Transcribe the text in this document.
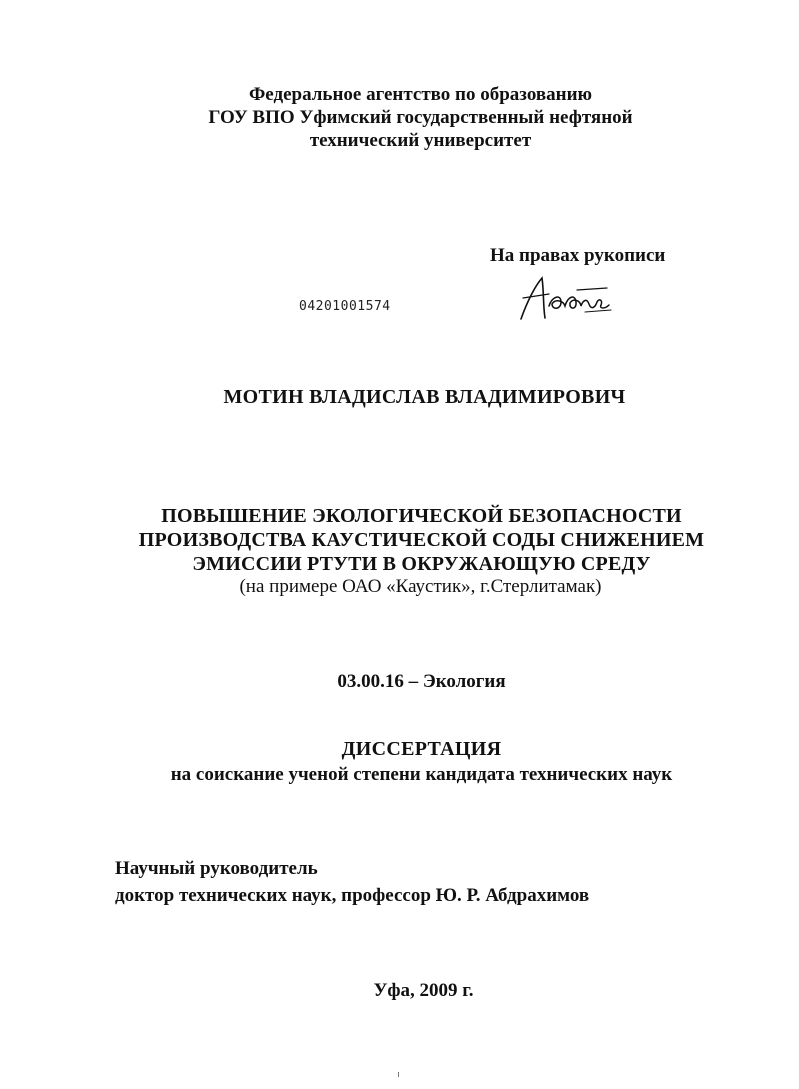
Федеральное агентство по образованию
ГОУ ВПО Уфимский государственный нефтяной
технический университет
На правах рукописи
04201001574
МОТИН ВЛАДИСЛАВ ВЛАДИМИРОВИЧ
ПОВЫШЕНИЕ ЭКОЛОГИЧЕСКОЙ БЕЗОПАСНОСТИ
ПРОИЗВОДСТВА КАУСТИЧЕСКОЙ СОДЫ СНИЖЕНИЕМ
ЭМИССИИ РТУТИ В ОКРУЖАЮЩУЮ СРЕДУ
(на примере ОАО «Каустик», г.Стерлитамак)
03.00.16 – Экология
ДИССЕРТАЦИЯ
на соискание ученой степени кандидата технических наук
Научный руководитель
доктор технических наук, профессор Ю. Р. Абдрахимов
Уфа, 2009 г.
